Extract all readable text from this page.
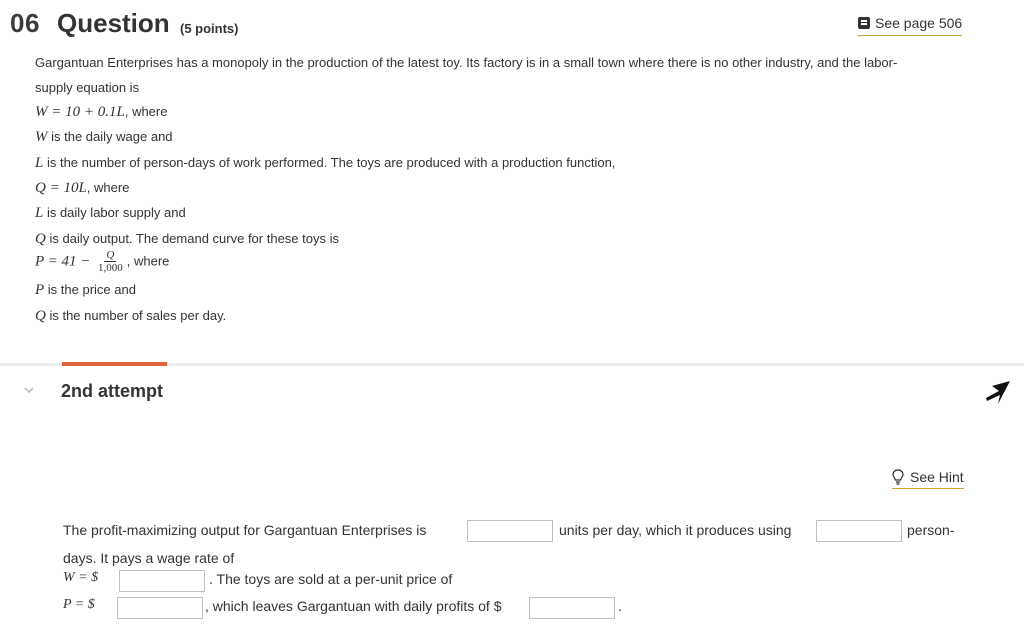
06 Question (5 points)	See page 506
Gargantuan Enterprises has a monopoly in the production of the latest toy. Its factory is in a small town where there is no other industry, and the labor-
supply equation is
W = 10 + 0.1L, where
W is the daily wage and
L is the number of person-days of work performed. The toys are produced with a production function,
Q = 10L, where
L is daily labor supply and
Q is daily output. The demand curve for these toys is
$P = 41 - \frac{Q}{1,000}$ , where
P is the price and
Q is the number of sales per day.
2nd attempt
See Hint
The profit-maximizing output for Gargantuan Enterprises is	units per day, which it produces using	person-
days. It pays a wage rate of
W = $	. The toys are sold at a per-unit price of
P = $	, which leaves Gargantuan with daily profits of $	.
